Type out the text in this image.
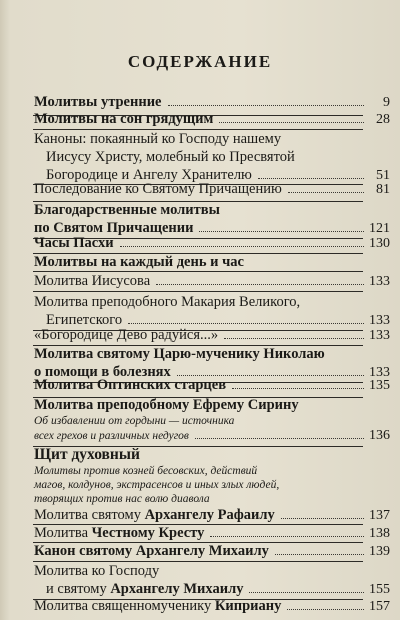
СОДЕРЖАНИЕ
Молитвы утренние	9
Молитвы на сон грядущим	28
Каноны: покаянный ко Господу нашему
Иисусу Христу, молебный ко Пресвятой
Богородице и Ангелу Хранителю	51
Последование ко Святому Причащению	81
Благодарственные молитвы
по Святом Причащении	121
Часы Пасхи	130
Молитвы на каждый день и час
Молитва Иисусова	133
Молитва преподобного Макария Великого,
Египетского	133
«Богородице Дево радуйся...»	133
Молитва святому Царю-мученику Николаю
о помощи в болезнях	133
Молитва Оптинских старцев	135
Молитва преподобному Ефрему Сирину
Об избавлении от гордыни — источника
всех грехов и различных недугов	136
Щит духовный
Молитвы против козней бесовских, действий
магов, колдунов, экстрасенсов и иных злых людей,
творящих против нас волю диавола
Молитва святому Архангелу Рафаилу	137
Молитва Честному Кресту	138
Канон святому Архангелу Михаилу	139
Молитва ко Господу
и святому Архангелу Михаилу	155
Молитва священномученику Киприану	157
